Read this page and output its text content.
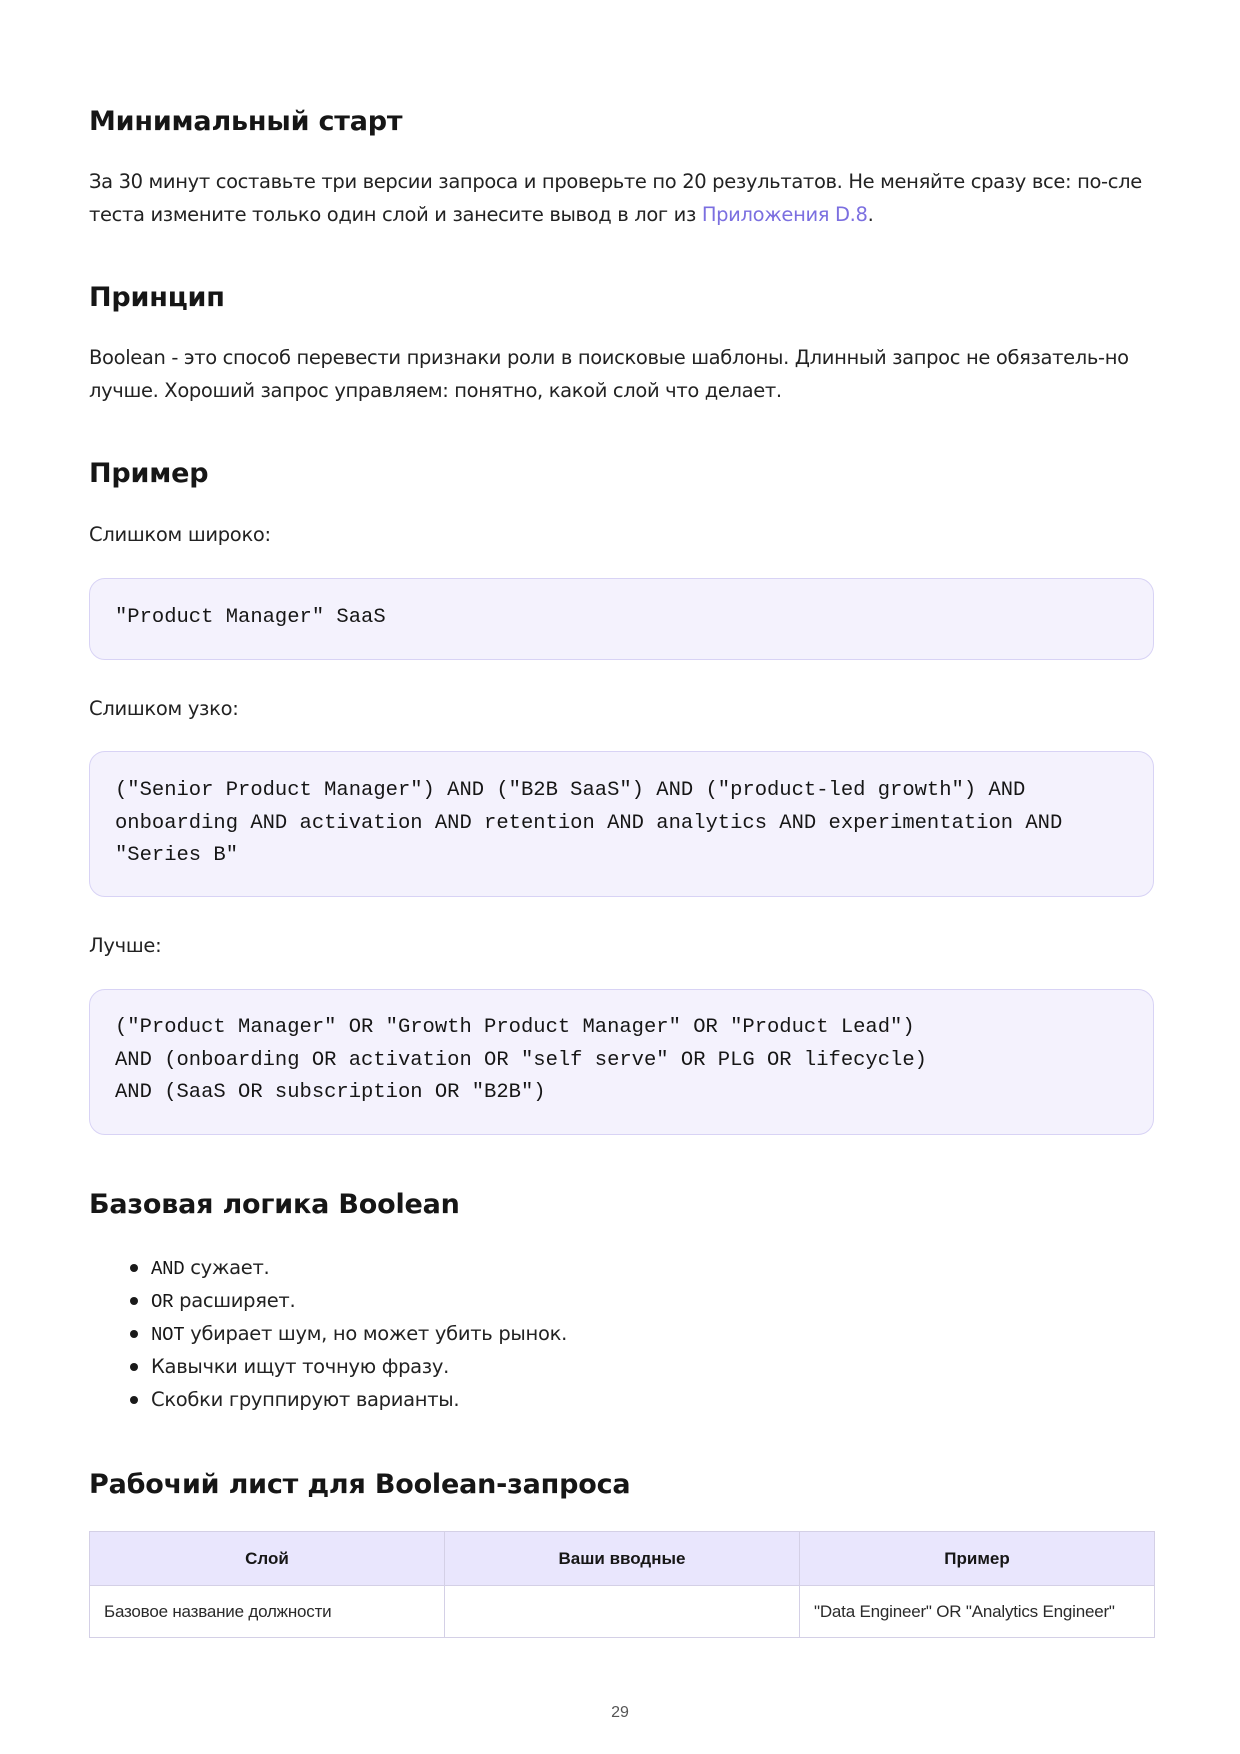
Минимальный старт

За 30 минут составьте три версии запроса и проверьте по 20 результатов. Не меняйте сразу все: по-сле теста измените только один слой и занесите вывод в лог из Приложения D.8.

Принцип

Boolean - это способ перевести признаки роли в поисковые шаблоны. Длинный запрос не обязатель-но лучше. Хороший запрос управляем: понятно, какой слой что делает.

Пример

Слишком широко:

"Product Manager" SaaS

Слишком узко:

("Senior Product Manager") AND ("B2B SaaS") AND ("product-led growth") AND
onboarding AND activation AND retention AND analytics AND experimentation AND
"Series B"

Лучше:

("Product Manager" OR "Growth Product Manager" OR "Product Lead")
AND (onboarding OR activation OR "self serve" OR PLG OR lifecycle)
AND (SaaS OR subscription OR "B2B")
Базовая логика Boolean
AND сужает.
OR расширяет.
NOT убирает шум, но может убить рынок.
Кавычки ищут точную фразу.
Скобки группируют варианты.
Рабочий лист для Boolean-запроса
Слой	Ваши вводные	Пример
Базовое название должности		"Data Engineer" OR "Analytics Engineer"
29
